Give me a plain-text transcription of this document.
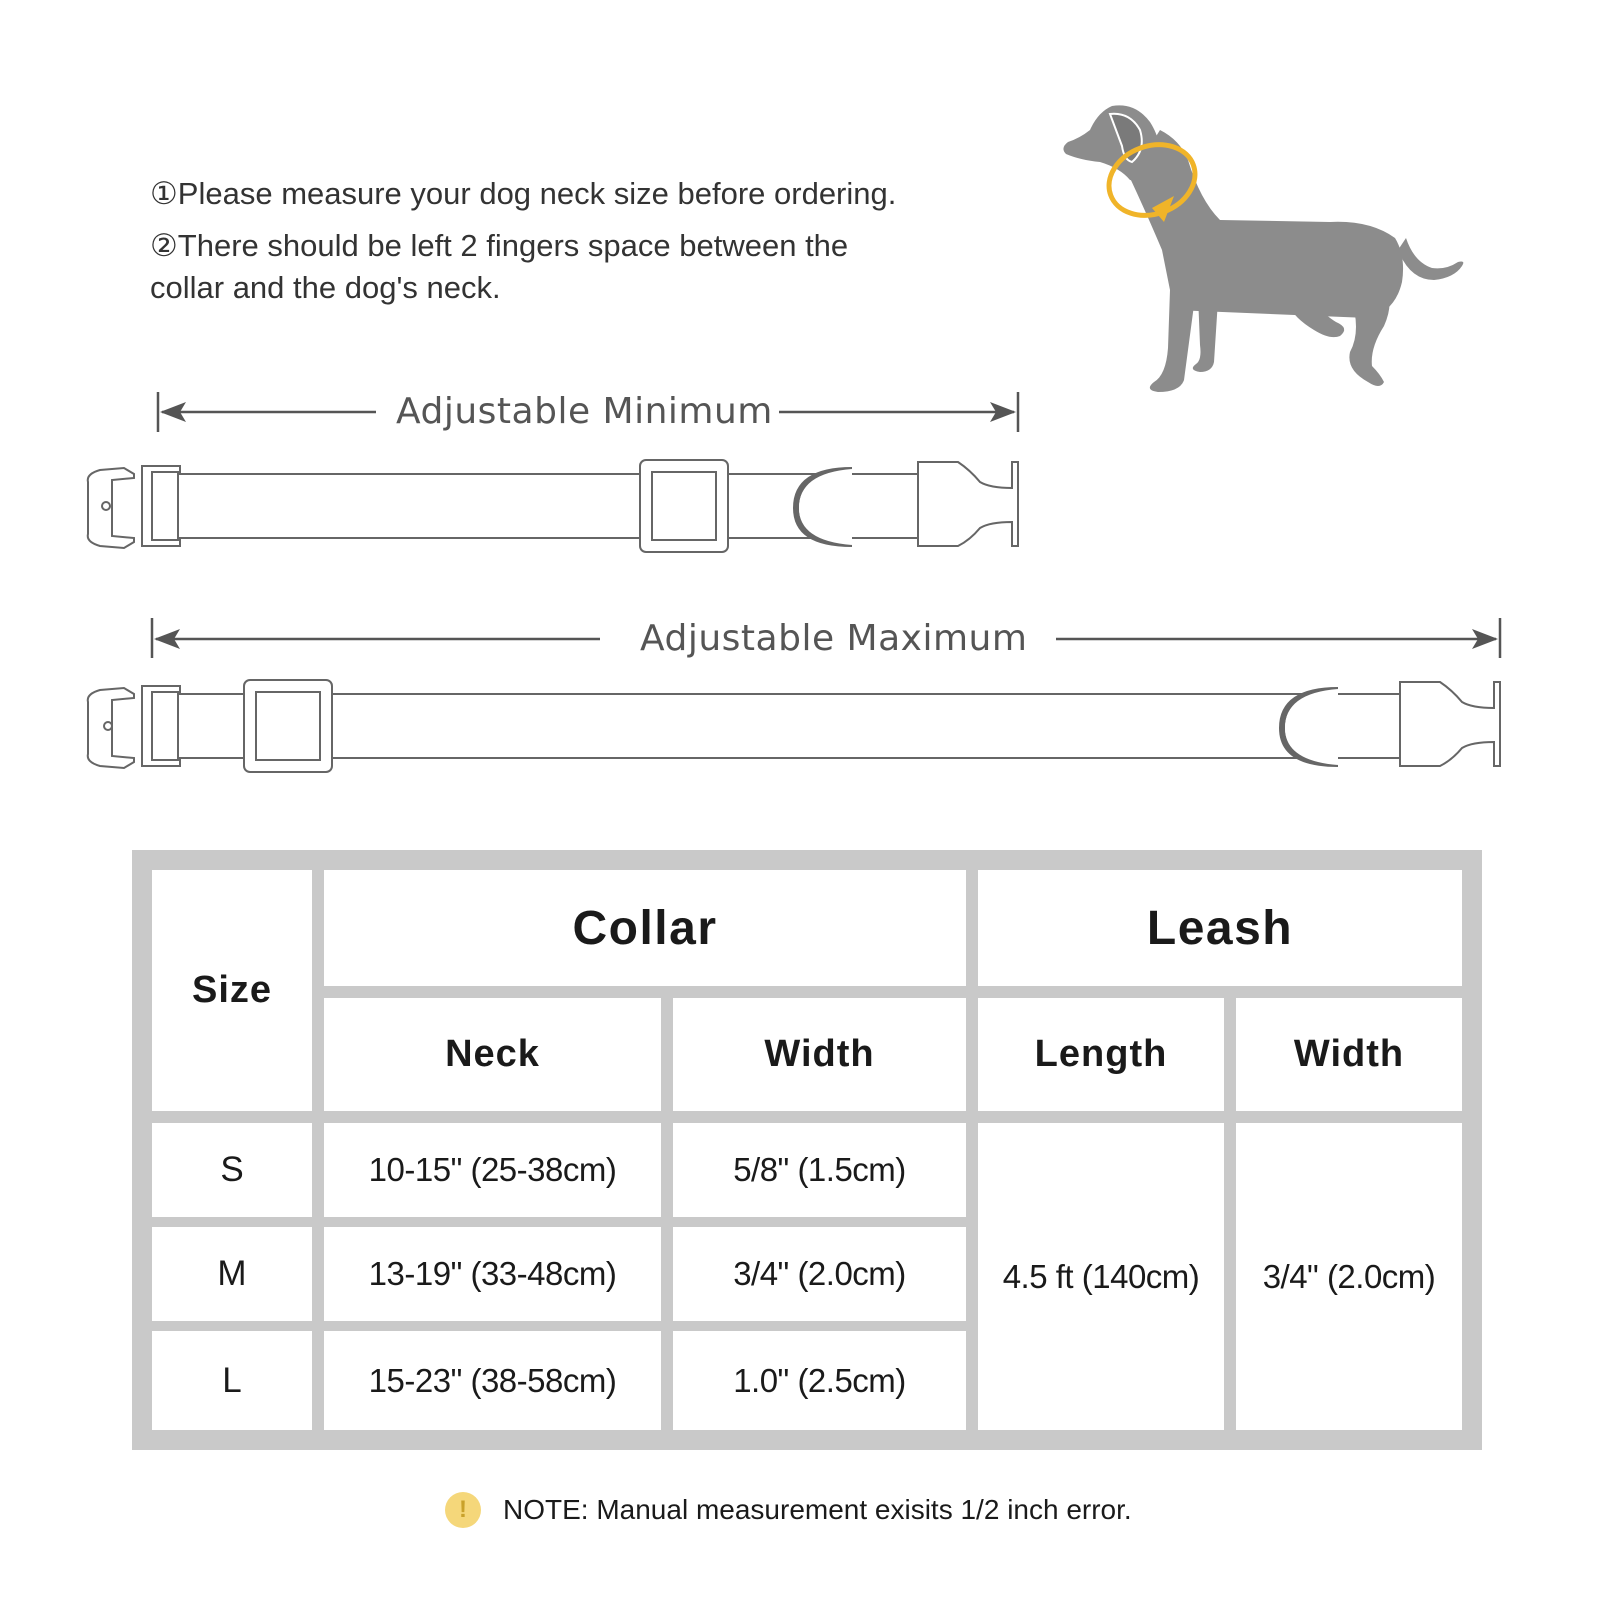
①Please measure your dog neck size before ordering.
②There should be left 2 fingers space between the
collar and the dog's neck.
Adjustable Minimum
Adjustable Maximum
Size
Collar	Leash
Neck	Width	Length	Width
S	10-15" (25-38cm)	5/8" (1.5cm)
M	13-19" (33-48cm)	3/4" (2.0cm)
L	15-23" (38-58cm)	1.0" (2.5cm)
4.5 ft (140cm)	3/4" (2.0cm)
!	NOTE: Manual measurement exisits 1/2 inch error.
